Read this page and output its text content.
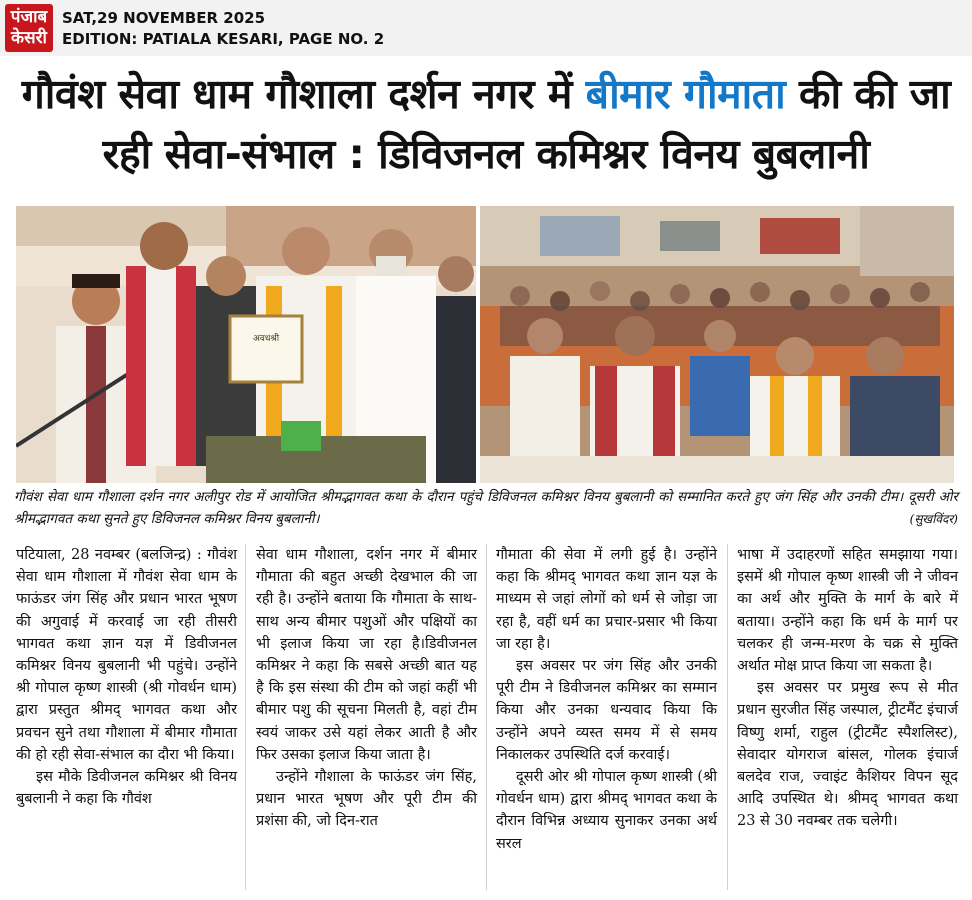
पंजाब
केसरी
SAT,29 NOVEMBER 2025
EDITION: PATIALA KESARI, PAGE NO. 2
गौवंश सेवा धाम गौशाला दर्शन नगर में बीमार गौमाता की की जा रही सेवा-संभाल : डिविजनल कमिश्नर विनय बुबलानी
अवधश्री
गौवंश सेवा धाम गौशाला दर्शन नगर अलीपुर रोड में आयोजित श्रीमद्भागवत कथा के दौरान पहुंचे डिविजनल कमिश्नर विनय बुबलानी को सम्मानित करते हुए जंग सिंह और उनकी टीम। दूसरी ओर श्रीमद्भागवत कथा सुनते हुए डिविजनल कमिश्नर विनय बुबलानी।	(सुखविंदर)

पटियाला, 28 नवम्बर (बलजिन्द्र) : गौवंश सेवा धाम गौशाला में गौवंश सेवा धाम के फाऊंडर जंग सिंह और प्रधान भारत भूषण की अगुवाई में करवाई जा रही तीसरी भागवत कथा ज्ञान यज्ञ में डिवीजनल कमिश्नर विनय बुबलानी भी पहुंचे। उन्होंने श्री गोपाल कृष्ण शास्त्री (श्री गोवर्धन धाम) द्वारा प्रस्तुत श्रीमद् भागवत कथा और प्रवचन सुने तथा गौशाला में बीमार गौमाता की हो रही सेवा-संभाल का दौरा भी किया।

इस मौके डिवीजनल कमिश्नर श्री विनय बुबलानी ने कहा कि गौवंश

सेवा धाम गौशाला, दर्शन नगर में बीमार गौमाता की बहुत अच्छी देखभाल की जा रही है। उन्होंने बताया कि गौमाता के साथ-साथ अन्य बीमार पशुओं और पक्षियों का भी इलाज किया जा रहा है।डिवीजनल कमिश्नर ने कहा कि सबसे अच्छी बात यह है कि इस संस्था की टीम को जहां कहीं भी बीमार पशु की सूचना मिलती है, वहां टीम स्वयं जाकर उसे यहां लेकर आती है और फिर उसका इलाज किया जाता है।

उन्होंने गौशाला के फाऊंडर जंग सिंह, प्रधान भारत भूषण और पूरी टीम की प्रशंसा की, जो दिन-रात

गौमाता की सेवा में लगी हुई है। उन्होंने कहा कि श्रीमद् भागवत कथा ज्ञान यज्ञ के माध्यम से जहां लोगों को धर्म से जोड़ा जा रहा है, वहीं धर्म का प्रचार-प्रसार भी किया जा रहा है।

इस अवसर पर जंग सिंह और उनकी पूरी टीम ने डिवीजनल कमिश्नर का सम्मान किया और उनका धन्यवाद किया कि उन्होंने अपने व्यस्त समय में से समय निकालकर उपस्थिति दर्ज करवाई।

दूसरी ओर श्री गोपाल कृष्ण शास्त्री (श्री गोवर्धन धाम) द्वारा श्रीमद् भागवत कथा के दौरान विभिन्न अध्याय सुनाकर उनका अर्थ सरल

भाषा में उदाहरणों सहित समझाया गया। इसमें श्री गोपाल कृष्ण शास्त्री जी ने जीवन का अर्थ और मुक्ति के मार्ग के बारे में बताया। उन्होंने कहा कि धर्म के मार्ग पर चलकर ही जन्म-मरण के चक्र से मुक्ति अर्थात मोक्ष प्राप्त किया जा सकता है।

इस अवसर पर प्रमुख रूप से मीत प्रधान सुरजीत सिंह जस्पाल, ट्रीटमैंट इंचार्ज विष्णु शर्मा, राहुल (ट्रीटमैंट स्पैशलिस्ट), सेवादार योगराज बांसल, गोलक इंचार्ज बलदेव राज, ज्वाइंट कैशियर विपन सूद आदि उपस्थित थे। श्रीमद् भागवत कथा 23 से 30 नवम्बर तक चलेगी।
